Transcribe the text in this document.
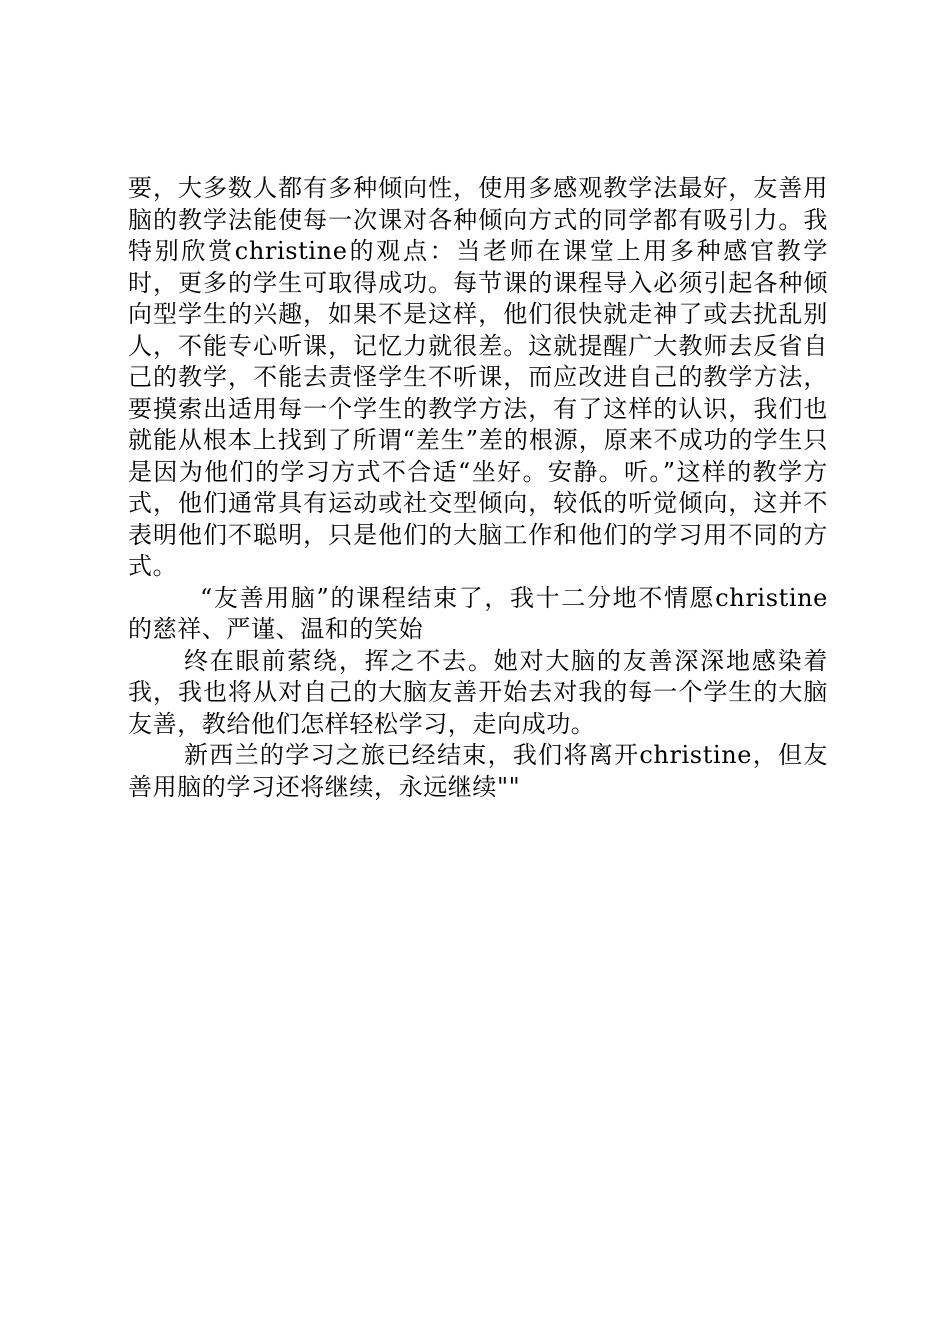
要，大多数人都有多种倾向性，使用多感观教学法最好，友善用脑的教学法能使每一次课对各种倾向方式的同学都有吸引力。我特别欣赏christine的观点：当老师在课堂上用多种感官教学时，更多的学生可取得成功。每节课的课程导入必须引起各种倾向型学生的兴趣，如果不是这样，他们很快就走神了或去扰乱别人，不能专心听课，记忆力就很差。这就提醒广大教师去反省自己的教学，不能去责怪学生不听课，而应改进自己的教学方法，要摸索出适用每一个学生的教学方法，有了这样的认识，我们也就能从根本上找到了所谓“差生”差的根源，原来不成功的学生只是因为他们的学习方式不合适“坐好。安静。听。”这样的教学方式，他们通常具有运动或社交型倾向，较低的听觉倾向，这并不表明他们不聪明，只是他们的大脑工作和他们的学习用不同的方式。

“友善用脑”的课程结束了，我十二分地不情愿christine的慈祥、严谨、温和的笑始

终在眼前萦绕，挥之不去。她对大脑的友善深深地感染着我，我也将从对自己的大脑友善开始去对我的每一个学生的大脑友善，教给他们怎样轻松学习，走向成功。

新西兰的学习之旅已经结束，我们将离开christine，但友善用脑的学习还将继续，永远继续""
